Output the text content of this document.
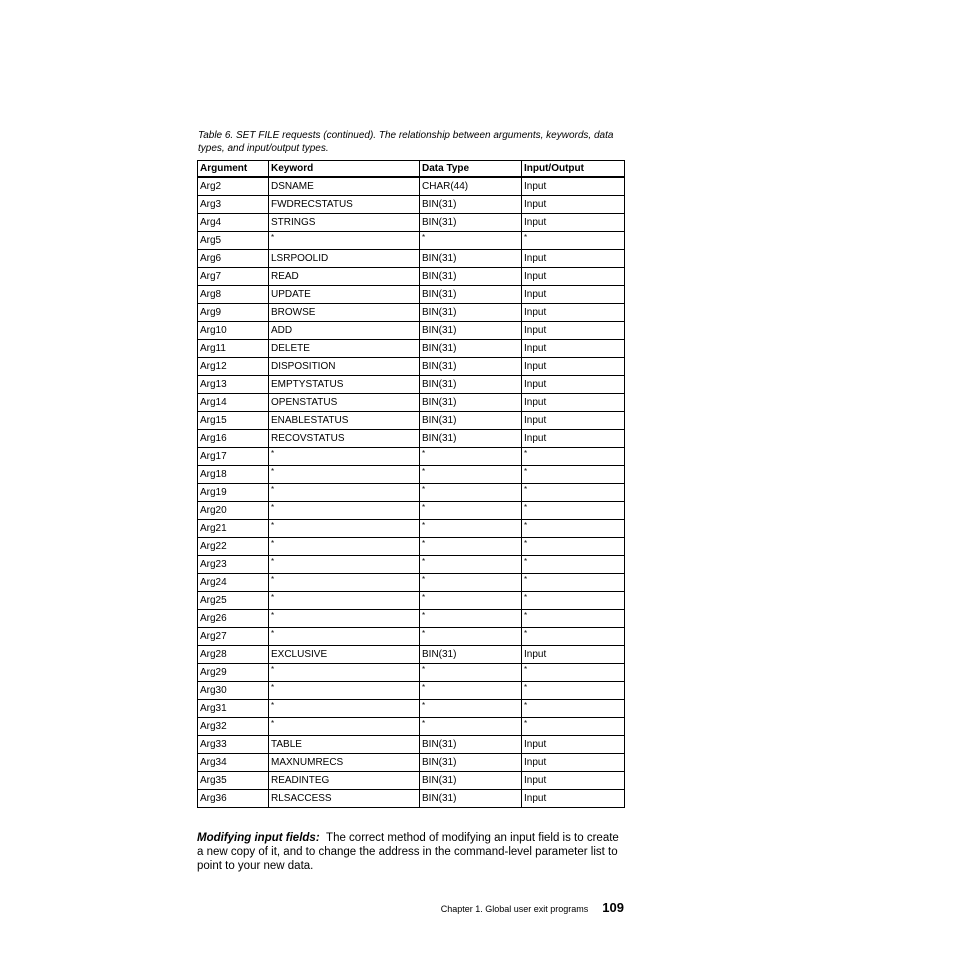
Table 6. SET FILE requests (continued). The relationship between arguments, keywords, data types, and input/output types.
Argument	Keyword	Data Type	Input/Output
Arg2	DSNAME	CHAR(44)	Input
Arg3	FWDRECSTATUS	BIN(31)	Input
Arg4	STRINGS	BIN(31)	Input
Arg5	*	*	*
Arg6	LSRPOOLID	BIN(31)	Input
Arg7	READ	BIN(31)	Input
Arg8	UPDATE	BIN(31)	Input
Arg9	BROWSE	BIN(31)	Input
Arg10	ADD	BIN(31)	Input
Arg11	DELETE	BIN(31)	Input
Arg12	DISPOSITION	BIN(31)	Input
Arg13	EMPTYSTATUS	BIN(31)	Input
Arg14	OPENSTATUS	BIN(31)	Input
Arg15	ENABLESTATUS	BIN(31)	Input
Arg16	RECOVSTATUS	BIN(31)	Input
Arg17	*	*	*
Arg18	*	*	*
Arg19	*	*	*
Arg20	*	*	*
Arg21	*	*	*
Arg22	*	*	*
Arg23	*	*	*
Arg24	*	*	*
Arg25	*	*	*
Arg26	*	*	*
Arg27	*	*	*
Arg28	EXCLUSIVE	BIN(31)	Input
Arg29	*	*	*
Arg30	*	*	*
Arg31	*	*	*
Arg32	*	*	*
Arg33	TABLE	BIN(31)	Input
Arg34	MAXNUMRECS	BIN(31)	Input
Arg35	READINTEG	BIN(31)	Input
Arg36	RLSACCESS	BIN(31)	Input
Modifying input fields: The correct method of modifying an input field is to create a new copy of it, and to change the address in the command-level parameter list to point to your new data.
Chapter 1. Global user exit programs 109
